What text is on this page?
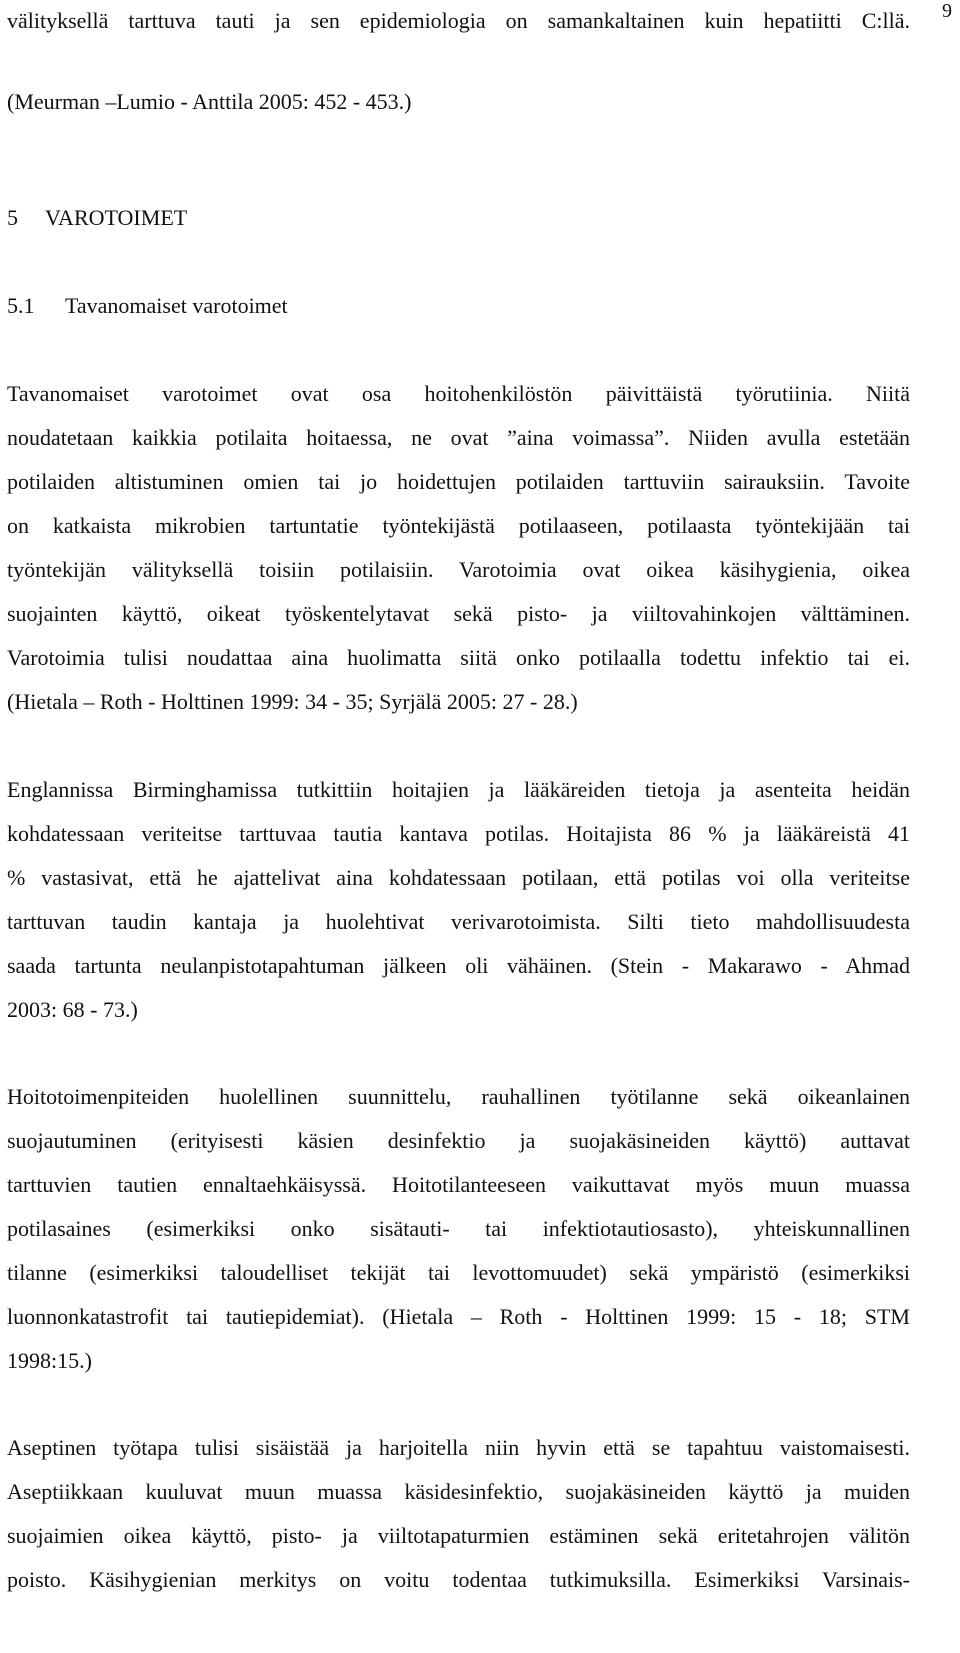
9
välityksellä tarttuva tauti ja sen epidemiologia on samankaltainen kuin hepatiitti C:llä.
(Meurman –Lumio - Anttila 2005: 452 - 453.)
5 VAROTOIMET
5.1 Tavanomaiset varotoimet
Tavanomaiset varotoimet ovat osa hoitohenkilöstön päivittäistä työrutiinia. Niitä
noudatetaan kaikkia potilaita hoitaessa, ne ovat ”aina voimassa”. Niiden avulla estetään
potilaiden altistuminen omien tai jo hoidettujen potilaiden tarttuviin sairauksiin. Tavoite
on katkaista mikrobien tartuntatie työntekijästä potilaaseen, potilaasta työntekijään tai
työntekijän välityksellä toisiin potilaisiin. Varotoimia ovat oikea käsihygienia, oikea
suojainten käyttö, oikeat työskentelytavat sekä pisto- ja viiltovahinkojen välttäminen.
Varotoimia tulisi noudattaa aina huolimatta siitä onko potilaalla todettu infektio tai ei.
(Hietala – Roth - Holttinen 1999: 34 - 35; Syrjälä 2005: 27 - 28.)
Englannissa Birminghamissa tutkittiin hoitajien ja lääkäreiden tietoja ja asenteita heidän
kohdatessaan veriteitse tarttuvaa tautia kantava potilas. Hoitajista 86 % ja lääkäreistä 41
% vastasivat, että he ajattelivat aina kohdatessaan potilaan, että potilas voi olla veriteitse
tarttuvan taudin kantaja ja huolehtivat verivarotoimista. Silti tieto mahdollisuudesta
saada tartunta neulanpistotapahtuman jälkeen oli vähäinen. (Stein - Makarawo - Ahmad
2003: 68 - 73.)
Hoitotoimenpiteiden huolellinen suunnittelu, rauhallinen työtilanne sekä oikeanlainen
suojautuminen (erityisesti käsien desinfektio ja suojakäsineiden käyttö) auttavat
tarttuvien tautien ennaltaehkäisyssä. Hoitotilanteeseen vaikuttavat myös muun muassa
potilasaines (esimerkiksi onko sisätauti- tai infektiotautiosasto), yhteiskunnallinen
tilanne (esimerkiksi taloudelliset tekijät tai levottomuudet) sekä ympäristö (esimerkiksi
luonnonkatastrofit tai tautiepidemiat). (Hietala – Roth - Holttinen 1999: 15 - 18; STM
1998:15.)
Aseptinen työtapa tulisi sisäistää ja harjoitella niin hyvin että se tapahtuu vaistomaisesti.
Aseptiikkaan kuuluvat muun muassa käsidesinfektio, suojakäsineiden käyttö ja muiden
suojaimien oikea käyttö, pisto- ja viiltotapaturmien estäminen sekä eritetahrojen välitön
poisto. Käsihygienian merkitys on voitu todentaa tutkimuksilla. Esimerkiksi Varsinais-
